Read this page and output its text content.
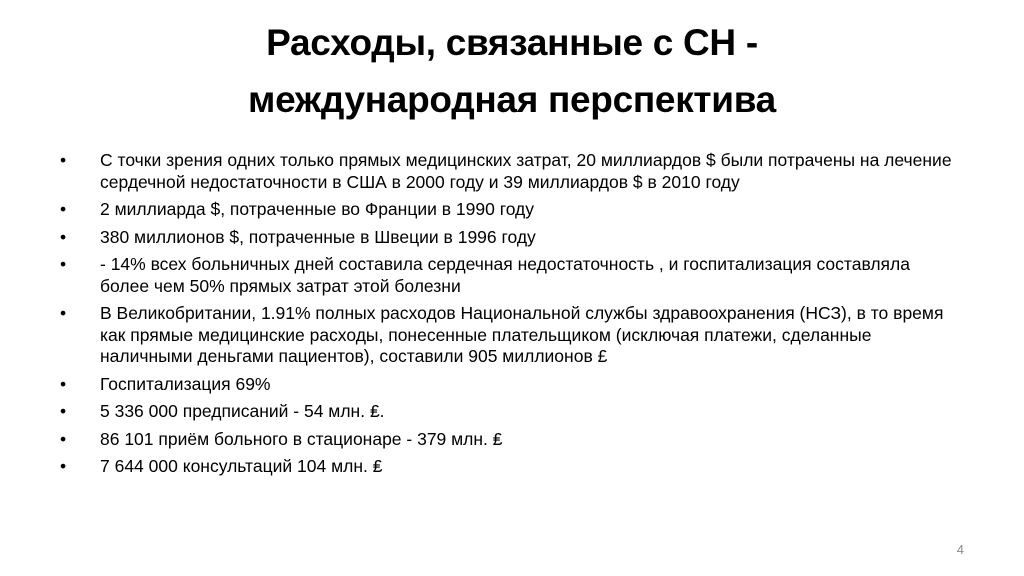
Расходы, связанные с СН -
международная перспектива
• С точки зрения одних только прямых медицинских затрат, 20 миллиардов $ были потрачены на лечение сердечной недостаточности в США в 2000 году и 39 миллиардов $ в 2010 году
• 2 миллиарда $, потраченные во Франции в 1990 году
• 380 миллионов $, потраченные в Швеции в 1996 году
• - 14% всех больничных дней составила сердечная недостаточность , и госпитализация составляла более чем 50% прямых затрат этой болезни
• В Великобритании, 1.91% полных расходов Национальной службы здравоохранения (НСЗ), в то время как прямые медицинские расходы, понесенные плательщиком (исключая платежи, сделанные наличными деньгами пациентов), составили 905 миллионов £
• Госпитализация 69%
• 5 336 000 предписаний - 54 млн. ₤.
• 86 101 приём больного в стационаре - 379 млн. ₤
• 7 644 000 консультаций 104 млн. ₤
4
